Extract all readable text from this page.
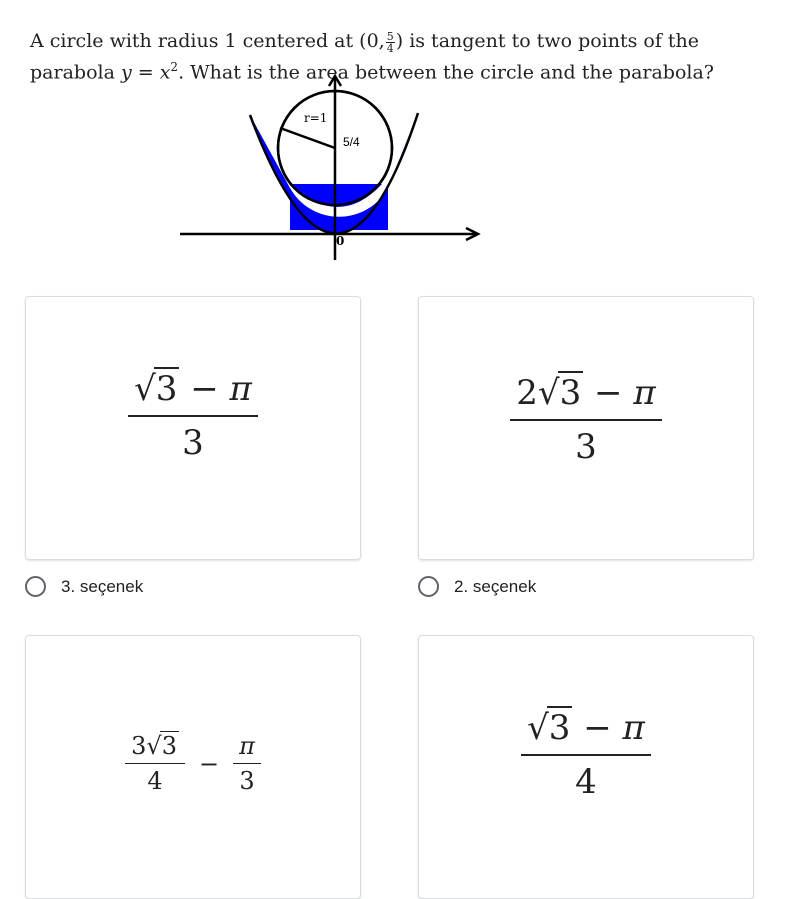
A circle with radius 1 centered at (0, $\frac{5}{4}$ ) is tangent to two points of the parabola $y = x^2$. What is the area between the circle and the parabola?
r=1
5/4
0
$\frac{√3 - \pi}{3}$
3. seçenek
$\frac{2√3 - \pi}{3}$
2. seçenek
$\frac{3√3}{4} - \frac{\pi}{3}$	$\frac{√3 - \pi}{4}$
